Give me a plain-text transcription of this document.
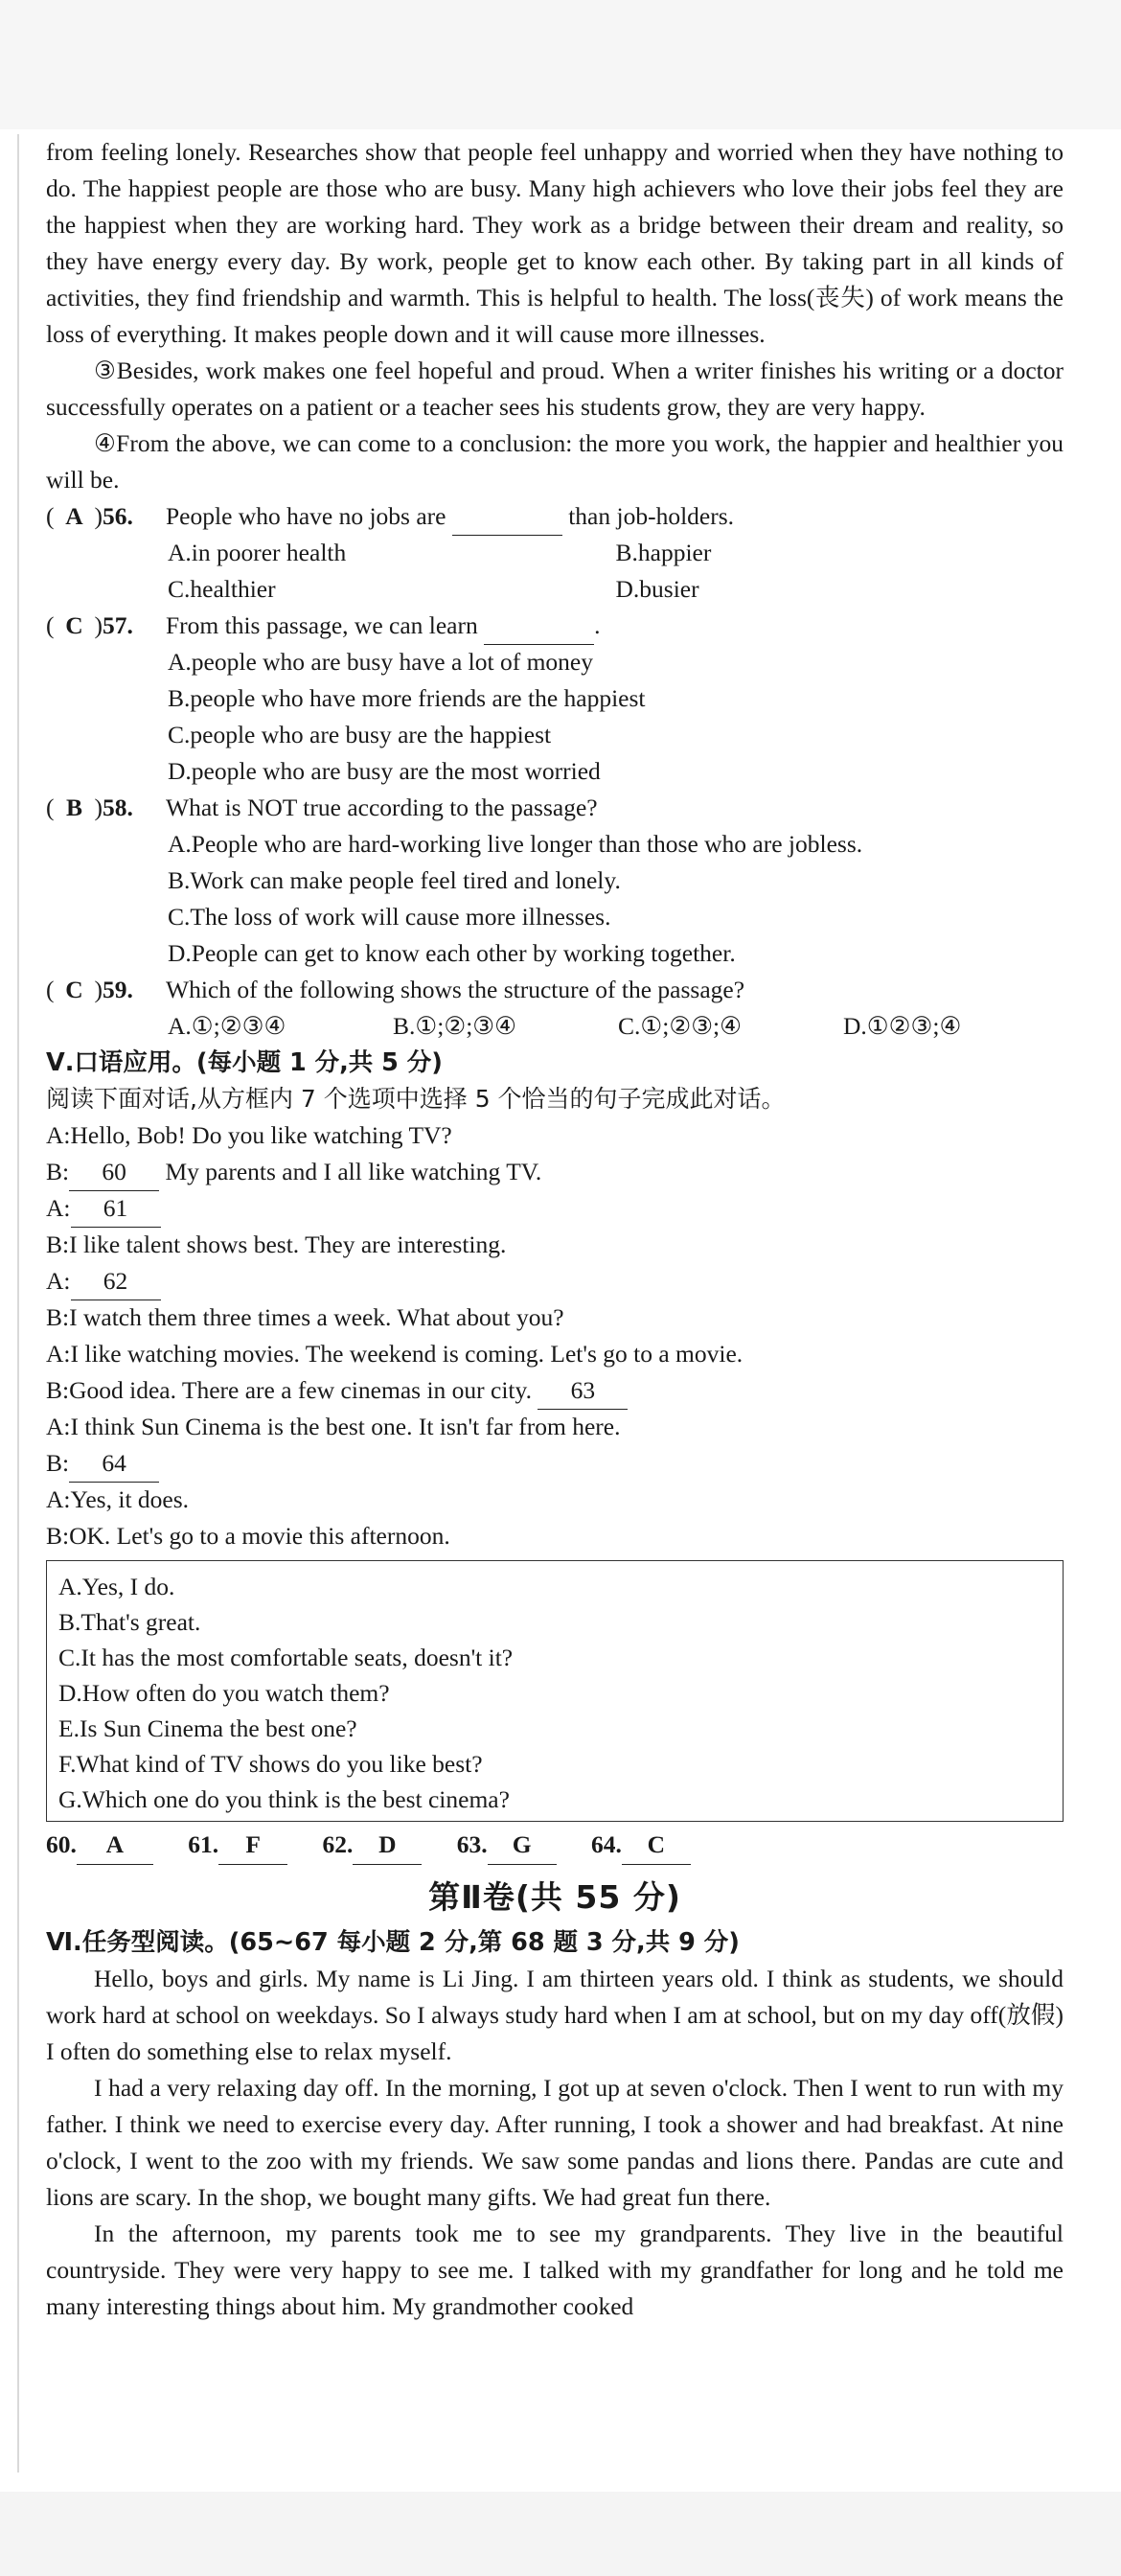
from feeling lonely. Researches show that people feel unhappy and worried when they have nothing to do. The happiest people are those who are busy. Many high achievers who love their jobs feel they are the happiest when they are working hard. They work as a bridge between their dream and reality, so they have energy every day. By work, people get to know each other. By taking part in all kinds of activities, they find friendship and warmth. This is helpful to health. The loss(丧失) of work means the loss of everything. It makes people down and it will cause more illnesses.

③Besides, work makes one feel hopeful and proud. When a writer finishes his writing or a doctor successfully operates on a patient or a teacher sees his students grow, they are very happy.

④From the above, we can come to a conclusion: the more you work, the happier and healthier you will be.

( A )56. People who have no jobs are	than job-holders.
A.in poorer health	B.happier
C.healthier	D.busier
( C )57. From this passage, we can learn	.
A.people who are busy have a lot of money
B.people who have more friends are the happiest
C.people who are busy are the happiest
D.people who are busy are the most worried
( B )58. What is NOT true according to the passage?
A.People who are hard-working live longer than those who are jobless.
B.Work can make people feel tired and lonely.
C.The loss of work will cause more illnesses.
D.People can get to know each other by working together.
( C )59. Which of the following shows the structure of the passage?
A.①;②③④	B.①;②;③④	C.①;②③;④	D.①②③;④
Ⅴ.口语应用。(每小题 1 分,共 5 分)
阅读下面对话,从方框内 7 个选项中选择 5 个恰当的句子完成此对话。
A:Hello, Bob! Do you like watching TV?
B: 60 My parents and I all like watching TV.
A: 61
B:I like talent shows best. They are interesting.
A: 62
B:I watch them three times a week. What about you?
A:I like watching movies. The weekend is coming. Let's go to a movie.
B:Good idea. There are a few cinemas in our city. 63
A:I think Sun Cinema is the best one. It isn't far from here.
B: 64
A:Yes, it does.
B:OK. Let's go to a movie this afternoon.
A.Yes, I do.
B.That's great.
C.It has the most comfortable seats, doesn't it?
D.How often do you watch them?
E.Is Sun Cinema the best one?
F.What kind of TV shows do you like best?
G.Which one do you think is the best cinema?
60. A	61. F	62. D 63. G 64. C
第Ⅱ卷(共 55 分)
Ⅵ.任务型阅读。(65~67 每小题 2 分,第 68 题 3 分,共 9 分)

Hello, boys and girls. My name is Li Jing. I am thirteen years old. I think as students, we should work hard at school on weekdays. So I always study hard when I am at school, but on my day off(放假) I often do something else to relax myself.

I had a very relaxing day off. In the morning, I got up at seven o'clock. Then I went to run with my father. I think we need to exercise every day. After running, I took a shower and had breakfast. At nine o'clock, I went to the zoo with my friends. We saw some pandas and lions there. Pandas are cute and lions are scary. In the shop, we bought many gifts. We had great fun there.

In the afternoon, my parents took me to see my grandparents. They live in the beautiful countryside. They were very happy to see me. I talked with my grandfather for long and he told me many interesting things about him. My grandmother cooked
